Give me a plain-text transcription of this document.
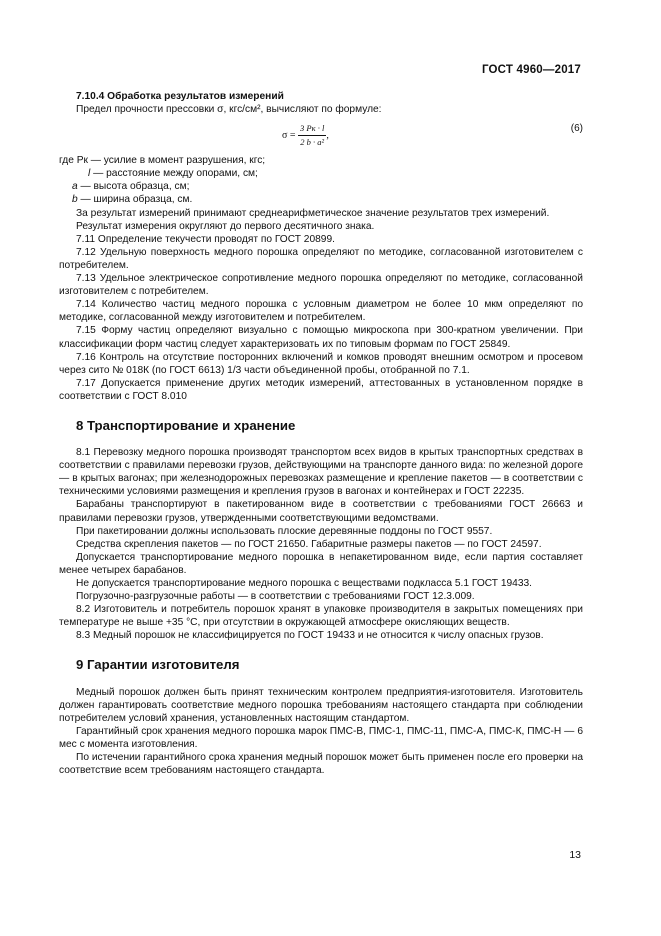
ГОСТ 4960—2017

7.10.4 Обработка результатов измерений

Предел прочности прессовки σ, кгс/см², вычисляют по формуле:

$\sigma = \frac{3 Pк \cdot l}{\text{2 b · a²}}$ ,
(6)

где Pк — усилие в момент разрушения, кгс;

l — расстояние между опорами, см;

a — высота образца, см;

b — ширина образца, см.

За результат измерений принимают среднеарифметическое значение результатов трех измерений.

Результат измерения округляют до первого десятичного знака.

7.11 Определение текучести проводят по ГОСТ 20899.

7.12 Удельную поверхность медного порошка определяют по методике, согласованной изготовителем с потребителем.

7.13 Удельное электрическое сопротивление медного порошка определяют по методике, согласованной изготовителем с потребителем.

7.14 Количество частиц медного порошка с условным диаметром не более 10 мкм определяют по методике, согласованной между изготовителем и потребителем.

7.15 Форму частиц определяют визуально с помощью микроскопа при 300-кратном увеличении. При классификации форм частиц следует характеризовать их по типовым формам по ГОСТ 25849.

7.16 Контроль на отсутствие посторонних включений и комков проводят внешним осмотром и просевом через сито № 018К (по ГОСТ 6613) 1/3 части объединенной пробы, отобранной по 7.1.

7.17 Допускается применение других методик измерений, аттестованных в установленном порядке в соответствии с ГОСТ 8.010

8 Транспортирование и хранение

8.1 Перевозку медного порошка производят транспортом всех видов в крытых транспортных средствах в соответствии с правилами перевозки грузов, действующими на транспорте данного вида: по железной дороге — в крытых вагонах; при железнодорожных перевозках размещение и крепление пакетов — в соответствии с техническими условиями размещения и крепления грузов в вагонах и контейнерах и ГОСТ 22235.

Барабаны транспортируют в пакетированном виде в соответствии с требованиями ГОСТ 26663 и правилами перевозки грузов, утвержденными соответствующими ведомствами.

При пакетировании должны использовать плоские деревянные поддоны по ГОСТ 9557.

Средства скрепления пакетов — по ГОСТ 21650. Габаритные размеры пакетов — по ГОСТ 24597.

Допускается транспортирование медного порошка в непакетированном виде, если партия составляет менее четырех барабанов.

Не допускается транспортирование медного порошка с веществами подкласса 5.1 ГОСТ 19433.

Погрузочно-разгрузочные работы — в соответствии с требованиями ГОСТ 12.3.009.

8.2 Изготовитель и потребитель порошок хранят в упаковке производителя в закрытых помещениях при температуре не выше +35 °С, при отсутствии в окружающей атмосфере окисляющих веществ.

8.3 Медный порошок не классифицируется по ГОСТ 19433 и не относится к числу опасных грузов.

9 Гарантии изготовителя

Медный порошок должен быть принят техническим контролем предприятия-изготовителя. Изготовитель должен гарантировать соответствие медного порошка требованиям настоящего стандарта при соблюдении потребителем условий хранения, установленных настоящим стандартом.

Гарантийный срок хранения медного порошка марок ПМС-В, ПМС-1, ПМС-11, ПМС-А, ПМС-К, ПМС-Н — 6 мес с момента изготовления.

По истечении гарантийного срока хранения медный порошок может быть применен после его проверки на соответствие всем требованиям настоящего стандарта.

13
